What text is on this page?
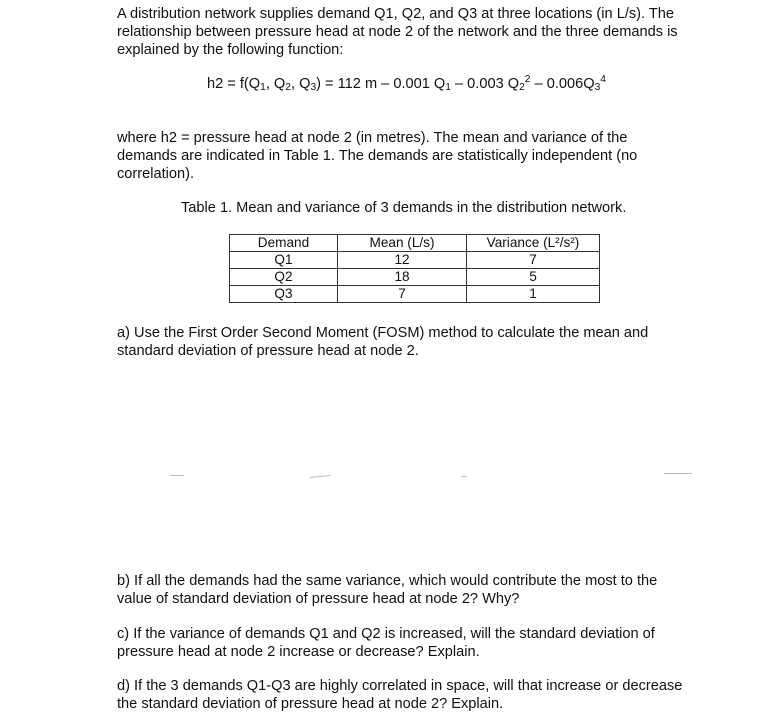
A distribution network supplies demand Q1, Q2, and Q3 at three locations (in L/s). The
relationship between pressure head at node 2 of the network and the three demands is
explained by the following function:
$h2 = f(Q_1$, $Q_2$, $Q_3) = 112$ m – 0.001 $Q_1 - 0.003$ $Q_2^2 - 0.006Q_3^4$
where h2 = pressure head at node 2 (in metres). The mean and variance of the
demands are indicated in Table 1. The demands are statistically independent (no
correlation).
Table 1. Mean and variance of 3 demands in the distribution network.
Demand	Mean (L/s)	Variance (L²/s²)
Q1	12	7
Q2	18	5
Q3	7	1
a) Use the First Order Second Moment (FOSM) method to calculate the mean and
standard deviation of pressure head at node 2.
b) If all the demands had the same variance, which would contribute the most to the
value of standard deviation of pressure head at node 2? Why?
c) If the variance of demands Q1 and Q2 is increased, will the standard deviation of
pressure head at node 2 increase or decrease? Explain.
d) If the 3 demands Q1-Q3 are highly correlated in space, will that increase or decrease
the standard deviation of pressure head at node 2? Explain.
